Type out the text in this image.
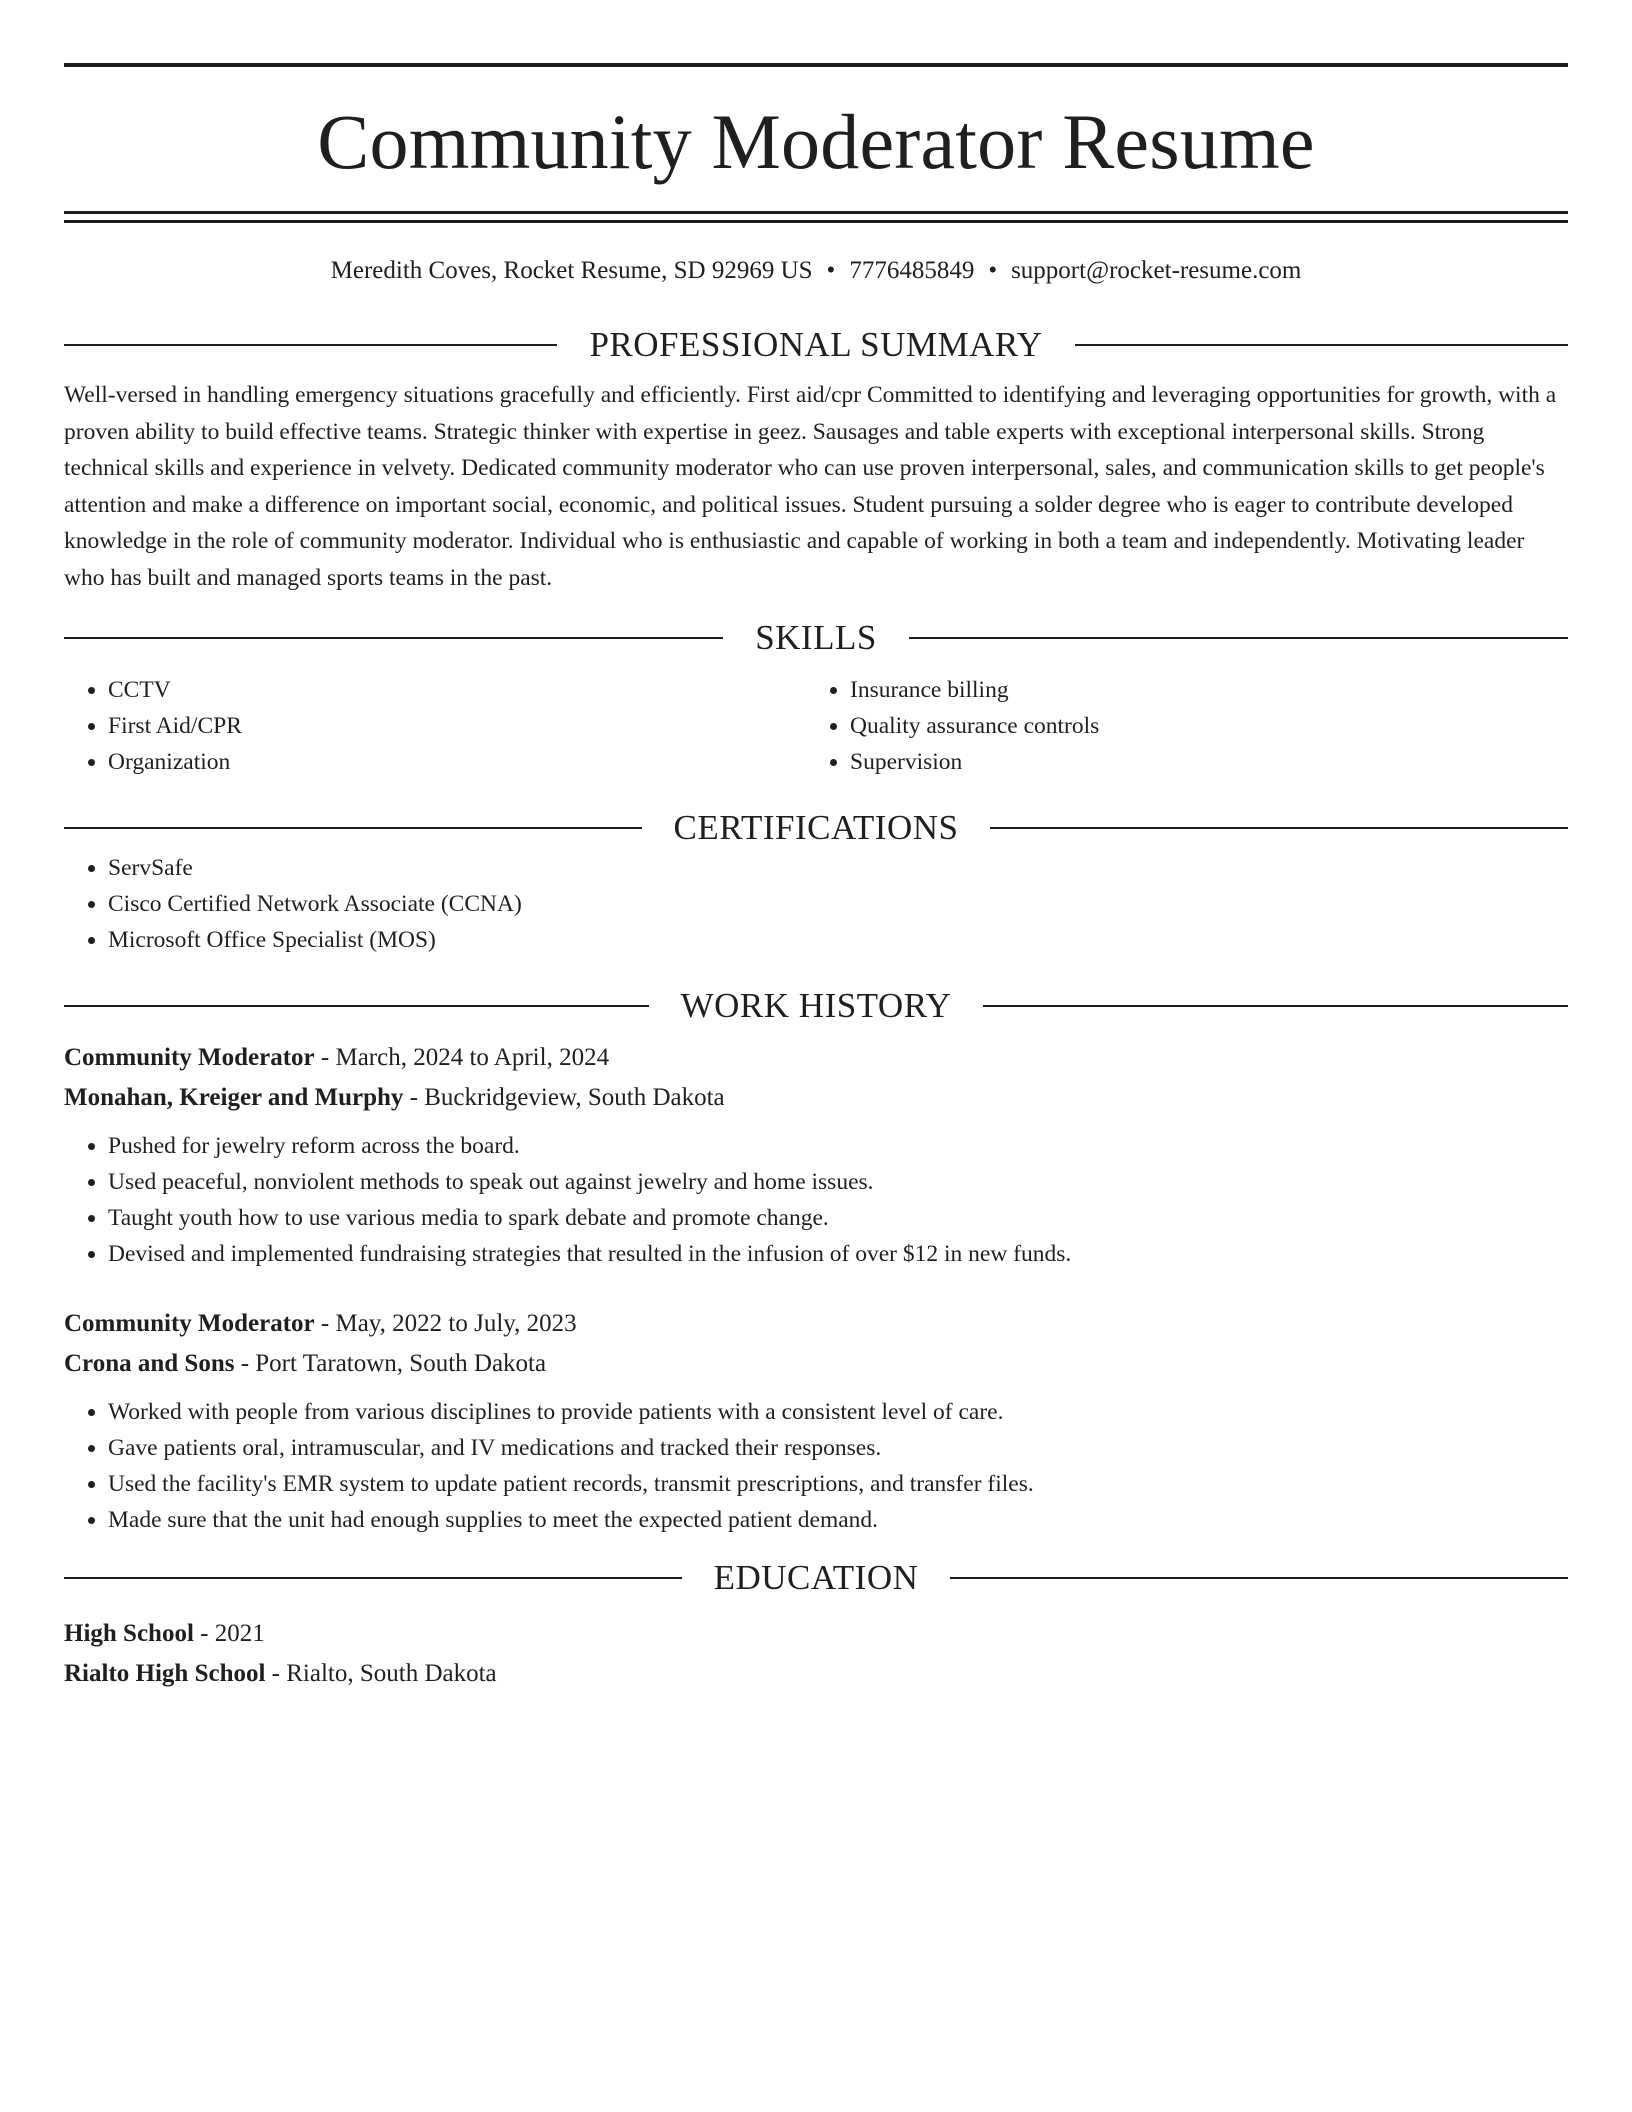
Community Moderator Resume
Meredith Coves, Rocket Resume, SD 92969 US • 7776485849 • support@rocket-resume.com
PROFESSIONAL SUMMARY
Well-versed in handling emergency situations gracefully and efficiently. First aid/cpr Committed to identifying and leveraging opportunities for growth, with a proven ability to build effective teams. Strategic thinker with expertise in geez. Sausages and table experts with exceptional interpersonal skills. Strong technical skills and experience in velvety. Dedicated community moderator who can use proven interpersonal, sales, and communication skills to get people's attention and make a difference on important social, economic, and political issues. Student pursuing a solder degree who is eager to contribute developed knowledge in the role of community moderator. Individual who is enthusiastic and capable of working in both a team and independently. Motivating leader who has built and managed sports teams in the past.
SKILLS
• CCTV
• First Aid/CPR
• Organization
• Insurance billing
• Quality assurance controls
• Supervision
CERTIFICATIONS
• ServSafe
• Cisco Certified Network Associate (CCNA)
• Microsoft Office Specialist (MOS)
WORK HISTORY
Community Moderator - March, 2024 to April, 2024
Monahan, Kreiger and Murphy - Buckridgeview, South Dakota
• Pushed for jewelry reform across the board.
• Used peaceful, nonviolent methods to speak out against jewelry and home issues.
• Taught youth how to use various media to spark debate and promote change.
• Devised and implemented fundraising strategies that resulted in the infusion of over $12 in new funds.
Community Moderator - May, 2022 to July, 2023
Crona and Sons - Port Taratown, South Dakota
• Worked with people from various disciplines to provide patients with a consistent level of care.
• Gave patients oral, intramuscular, and IV medications and tracked their responses.
• Used the facility's EMR system to update patient records, transmit prescriptions, and transfer files.
• Made sure that the unit had enough supplies to meet the expected patient demand.
EDUCATION
High School - 2021
Rialto High School - Rialto, South Dakota
